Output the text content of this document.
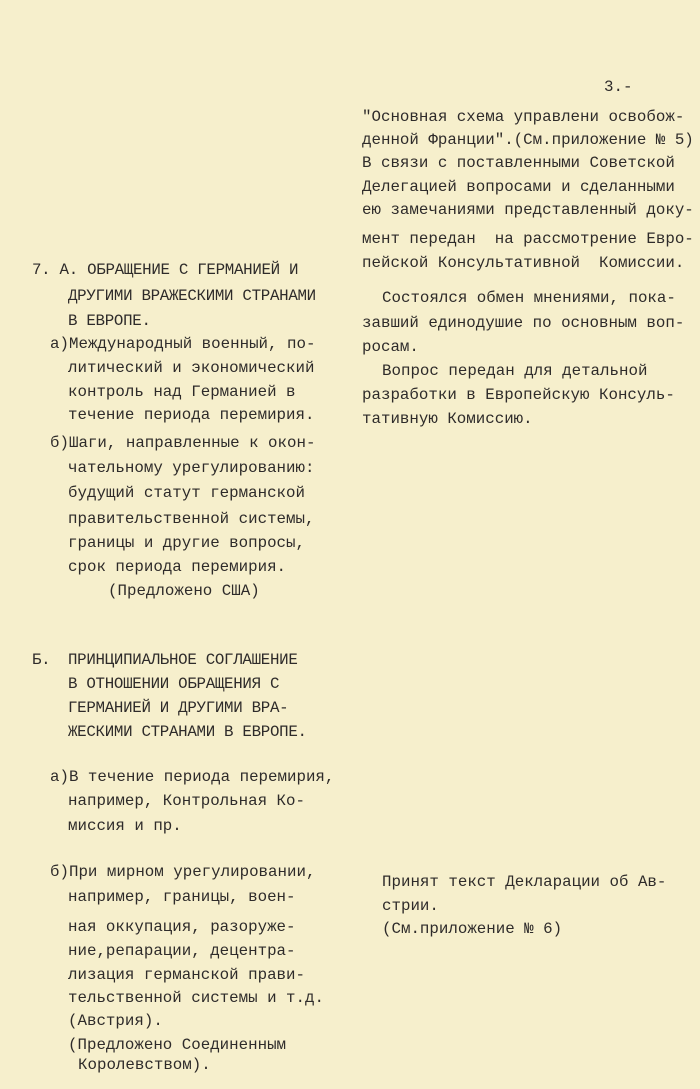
3.-
"Основная схема управлени освобож-
денной Франции".(См.приложение № 5)
В связи с поставленными Советской
Делегацией вопросами и сделанными
ею замечаниями представленный доку-
мент передан  на рассмотрение Евро-
пейской Консультативной  Комиссии.
Состоялся обмен мнениями, пока-
завший единодушие по основным воп-
росам.
Вопрос передан для детальной
разработки в Европейскую Консуль-
тативную Комиссию.
Принят текст Декларации об Ав-
стрии.
(См.приложение № 6)
7. А. ОБРАЩЕНИЕ С ГЕРМАНИЕЙ И
ДРУГИМИ ВРАЖЕСКИМИ СТРАНАМИ
В ЕВРОПЕ.
а)Международный военный, по-
литический и экономический
контроль над Германией в
течение периода перемирия.
б)Шаги, направленные к окон-
чательному урегулированию:
будущий статут германской
правительственной системы,
границы и другие вопросы,
срок периода перемирия.
(Предложено США)
Б. ПРИНЦИПИАЛЬНОЕ СОГЛАШЕНИЕ
В ОТНОШЕНИИ ОБРАЩЕНИЯ С
ГЕРМАНИЕЙ И ДРУГИМИ ВРА-
ЖЕСКИМИ СТРАНАМИ В ЕВРОПЕ.
а)В течение периода перемирия,
например, Контрольная Ко-
миссия и пр.
б)При мирном урегулировании,
например, границы, воен-
ная оккупация, разоруже-
ние,репарации, децентра-
лизация германской прави-
тельственной системы и т.д.
(Австрия).
(Предложено Соединенным
Королевством).
